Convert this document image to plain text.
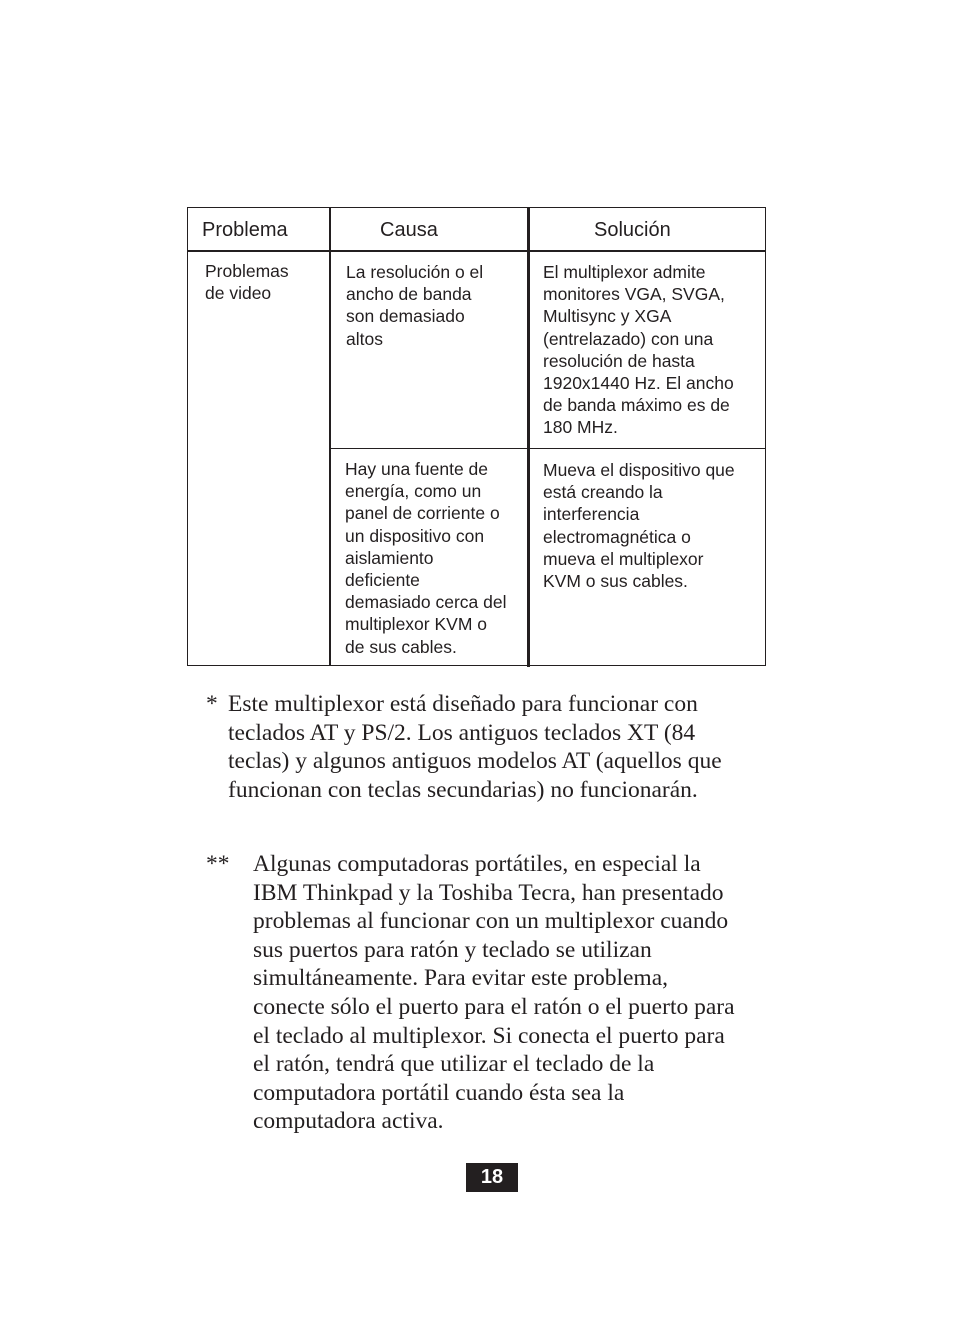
Problema	Causa	Solución
Problemas
de video
La resolución o el
ancho de banda
son demasiado
altos
El multiplexor admite
monitores VGA, SVGA,
Multisync y XGA
(entrelazado) con una
resolución de hasta
1920x1440 Hz. El ancho
de banda máximo es de
180 MHz.
Hay una fuente de
energía, como un
panel de corriente o
un dispositivo con
aislamiento
deficiente
demasiado cerca del
multiplexor KVM o
de sus cables.
Mueva el dispositivo que
está creando la
interferencia
electromagnética o
mueva el multiplexor
KVM o sus cables.
* Este multiplexor está diseñado para funcionar con
teclados AT y PS/2. Los antiguos teclados XT (84
teclas) y algunos antiguos modelos AT (aquellos que
funcionan con teclas secundarias) no funcionarán.
** Algunas computadoras portátiles, en especial la
IBM Thinkpad y la Toshiba Tecra, han presentado
problemas al funcionar con un multiplexor cuando
sus puertos para ratón y teclado se utilizan
simultáneamente. Para evitar este problema,
conecte sólo el puerto para el ratón o el puerto para
el teclado al multiplexor. Si conecta el puerto para
el ratón, tendrá que utilizar el teclado de la
computadora portátil cuando ésta sea la
computadora activa.
18
